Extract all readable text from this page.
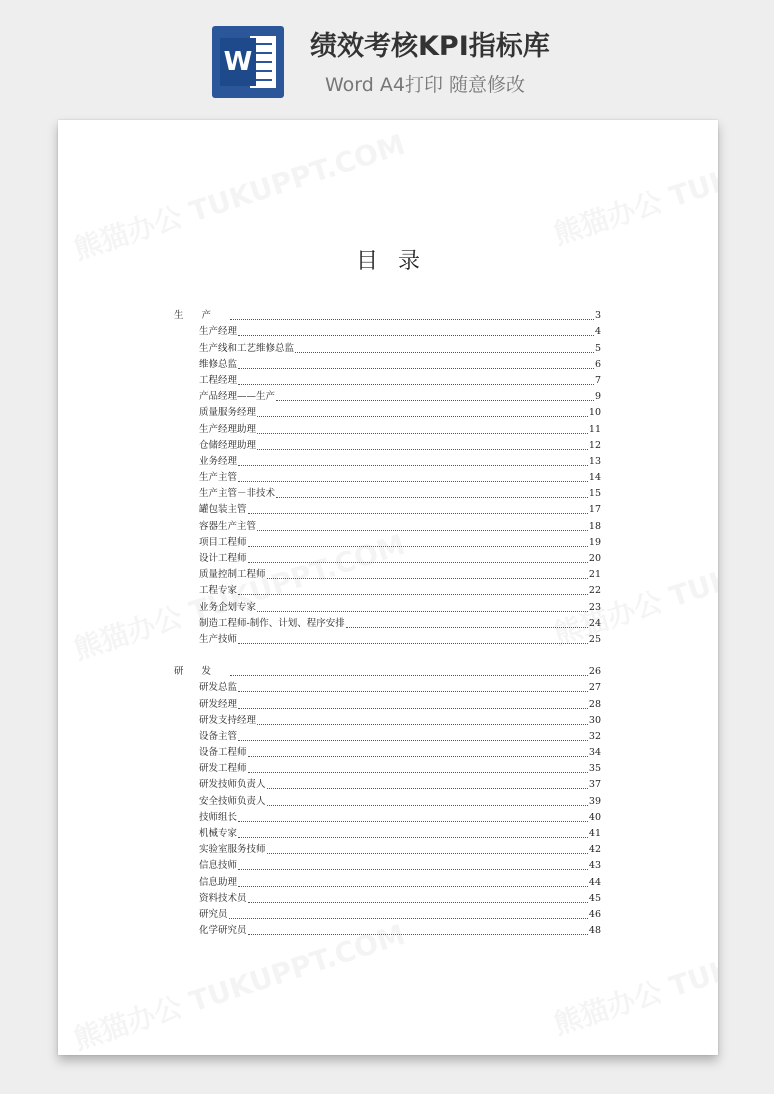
W 绩效考核KPI指标库
Word A4打印 随意修改
目录
生产	3
生产经理	4
生产线和工艺维修总监	5
维修总监	6
工程经理	7
产品经理——生产	9
质量服务经理	10
生产经理助理	11
仓储经理助理	12
业务经理	13
生产主管	14
生产主管－非技术	15
罐包装主管	17
容器生产主管	18
项目工程师	19
设计工程师	20
质量控制工程师	21
工程专家	22
业务企划专家	23
制造工程师-制作、计划、程序安排	24
生产技师	25
研发	26
研发总监	27
研发经理	28
研发支持经理	30
设备主管	32
设备工程师	34
研发工程师	35
研发技师负责人	37
安全技师负责人	39
技师组长	40
机械专家	41
实验室服务技师	42
信息技师	43
信息助理	44
资料技术员	45
研究员	46
化学研究员	48
